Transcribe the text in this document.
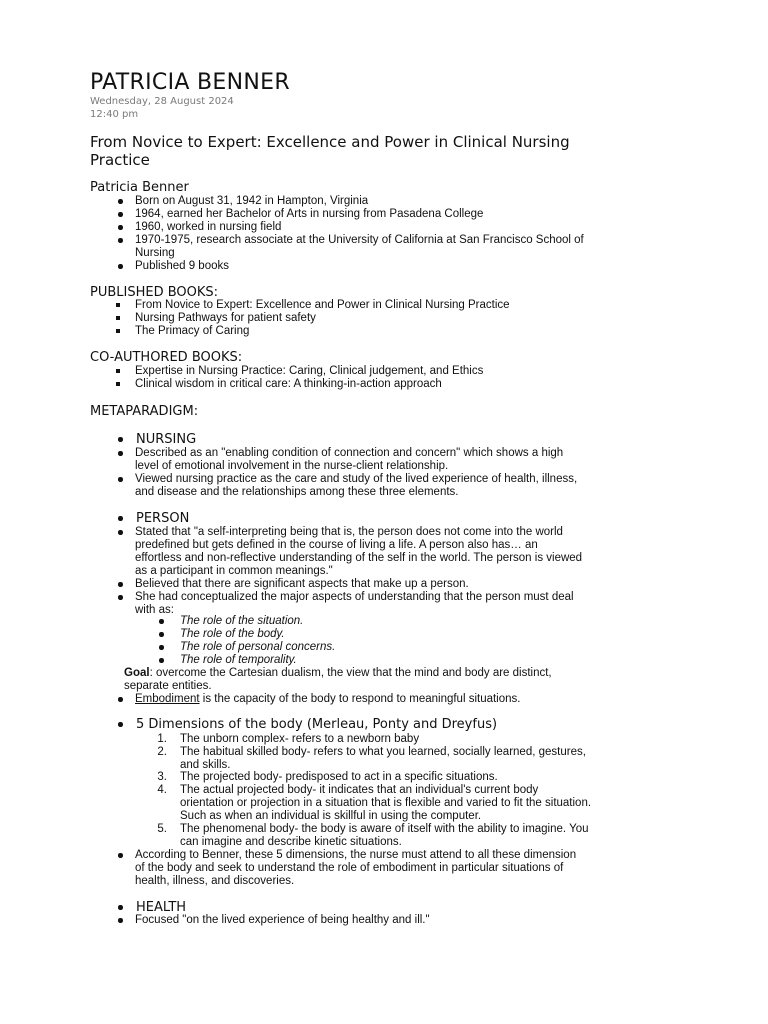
PATRICIA BENNER
Wednesday, 28 August 2024
12:40 pm
From Novice to Expert: Excellence and Power in Clinical Nursing
Practice
Patricia Benner
Born on August 31, 1942 in Hampton, Virginia
1964, earned her Bachelor of Arts in nursing from Pasadena College
1960, worked in nursing field
1970-1975, research associate at the University of California at San Francisco School of
Nursing
Published 9 books
PUBLISHED BOOKS:
From Novice to Expert: Excellence and Power in Clinical Nursing Practice
Nursing Pathways for patient safety
The Primacy of Caring
CO-AUTHORED BOOKS:
Expertise in Nursing Practice: Caring, Clinical judgement, and Ethics
Clinical wisdom in critical care: A thinking-in-action approach
METAPARADIGM:
NURSING
Described as an "enabling condition of connection and concern" which shows a high
level of emotional involvement in the nurse-client relationship.
Viewed nursing practice as the care and study of the lived experience of health, illness,
and disease and the relationships among these three elements.
PERSON
Stated that "a self-interpreting being that is, the person does not come into the world
predefined but gets defined in the course of living a life. A person also has… an
effortless and non-reflective understanding of the self in the world. The person is viewed
as a participant in common meanings."
Believed that there are significant aspects that make up a person.
She had conceptualized the major aspects of understanding that the person must deal
with as:
The role of the situation.
The role of the body.
The role of personal concerns.
The role of temporality.
Goal: overcome the Cartesian dualism, the view that the mind and body are distinct,
separate entities.
Embodiment is the capacity of the body to respond to meaningful situations.
5 Dimensions of the body (Merleau, Ponty and Dreyfus)
1. The unborn complex- refers to a newborn baby
2. The habitual skilled body- refers to what you learned, socially learned, gestures,
and skills.
3. The projected body- predisposed to act in a specific situations.
4. The actual projected body- it indicates that an individual's current body
orientation or projection in a situation that is flexible and varied to fit the situation.
Such as when an individual is skillful in using the computer.
5. The phenomenal body- the body is aware of itself with the ability to imagine. You
can imagine and describe kinetic situations.
According to Benner, these 5 dimensions, the nurse must attend to all these dimension
of the body and seek to understand the role of embodiment in particular situations of
health, illness, and discoveries.
HEALTH
Focused "on the lived experience of being healthy and ill."
